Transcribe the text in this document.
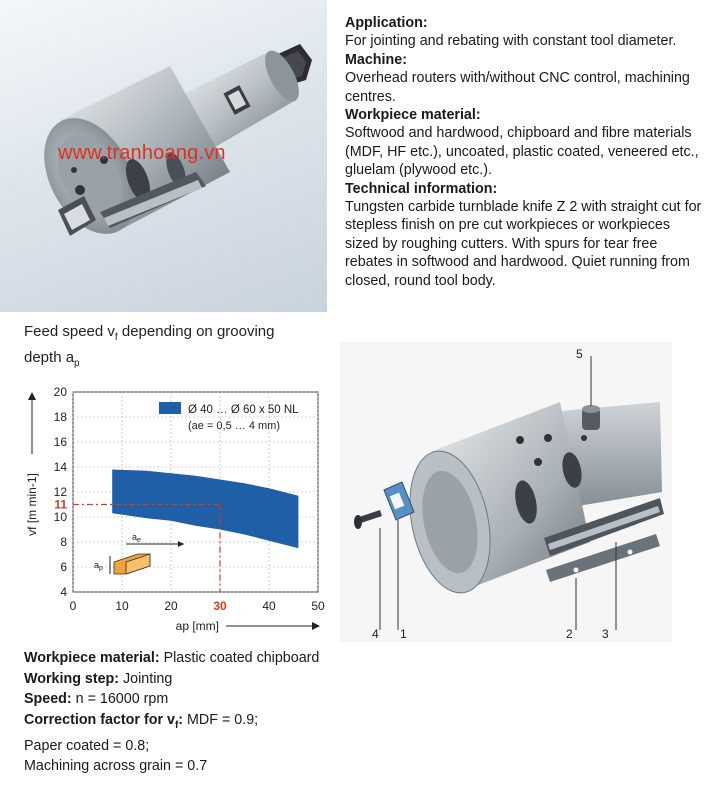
www.tranhoang.vn
Application:
For jointing and rebating with constant tool diameter.
Machine:
Overhead routers with/without CNC control, machining centres.
Workpiece material:
Softwood and hardwood, chipboard and fibre materials (MDF, HF etc.), uncoated, plastic coated, veneered etc., gluelam (plywood etc.).
Technical information:
Tungsten carbide turnblade knife Z 2 with straight cut for stepless finish on pre cut workpieces or workpieces sized by roughing cutters. With spurs for tear free rebates in softwood and hardwood. Quiet running from closed, round tool body.
Feed speed $v_f$ depending on grooving
depth $a_p$
0	10	20	30	40	50
4
6
8
10
12
14
16
18
20
11
Ø 40 … Ø 60 x 50 NL
(ae = 0,5 … 4 mm)
$a_e$
$a_p$
ap [mm]
vf [m min-1]
Workpiece material: Plastic coated chipboard
Working step: Jointing
Speed: n = 16000 rpm
Correction factor for $v_f$: MDF = 0.9;
Paper coated = 0.8;
Machining across grain = 0.7
5
4 1	2 3
